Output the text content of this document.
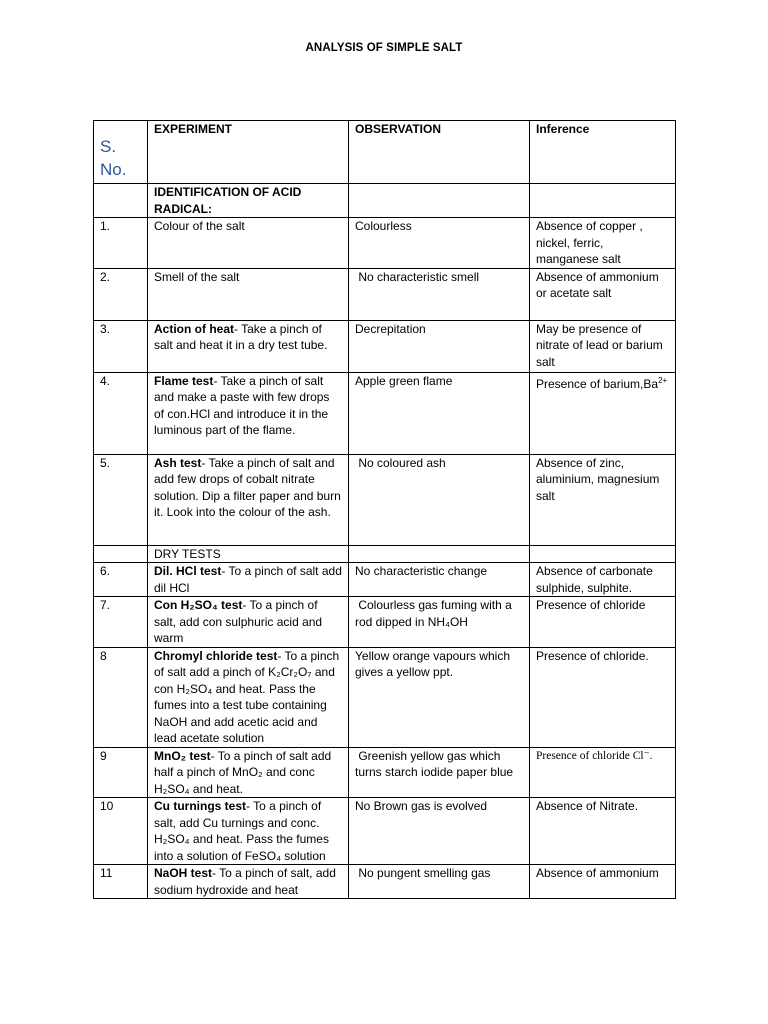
ANALYSIS OF SIMPLE SALT
S. No.	EXPERIMENT	OBSERVATION	Inference
	IDENTIFICATION OF ACID RADICAL:		
1.	Colour of the salt	Colourless	Absence of copper , nickel, ferric, manganese salt
2.	Smell of the salt	No characteristic smell	Absence of ammonium or acetate salt
3.	Action of heat- Take a pinch of salt and heat it in a dry test tube.	Decrepitation	May be presence of nitrate of lead or barium salt
4.	Flame test- Take a pinch of salt and make a paste with few drops of con.HCl and introduce it in the luminous part of the flame.	Apple green flame	Presence of $barium,Ba^{2+}$
5.	Ash test- Take a pinch of salt and add few drops of cobalt nitrate solution. Dip a filter paper and burn it. Look into the colour of the ash.	No coloured ash	Absence of zinc, aluminium, magnesium salt
	DRY TESTS		
6.	Dil. HCl test- To a pinch of salt add dil HCl	No characteristic change	Absence of carbonate sulphide, sulphite.
7.	Con H₂SO₄ test- To a pinch of salt, add con sulphuric acid and warm	Colourless gas fuming with a rod dipped in NH₄OH	Presence of chloride
8	Chromyl chloride test- To a pinch of salt add a pinch of K₂Cr₂O₇ and con H₂SO₄ and heat. Pass the fumes into a test tube containing NaOH and add acetic acid and lead acetate solution	Yellow orange vapours which gives a yellow ppt.	Presence of chloride.
9	MnO₂ test- To a pinch of salt add half a pinch of MnO₂ and conc H₂SO₄ and heat.	Greenish yellow gas which turns starch iodide paper blue	Presence of chloride Cl⁻.
10	Cu turnings test- To a pinch of salt, add Cu turnings and conc. H₂SO₄ and heat. Pass the fumes into a solution of FeSO₄ solution	No Brown gas is evolved	Absence of Nitrate.
11	NaOH test- To a pinch of salt, add sodium hydroxide and heat	No pungent smelling gas	Absence of ammonium
